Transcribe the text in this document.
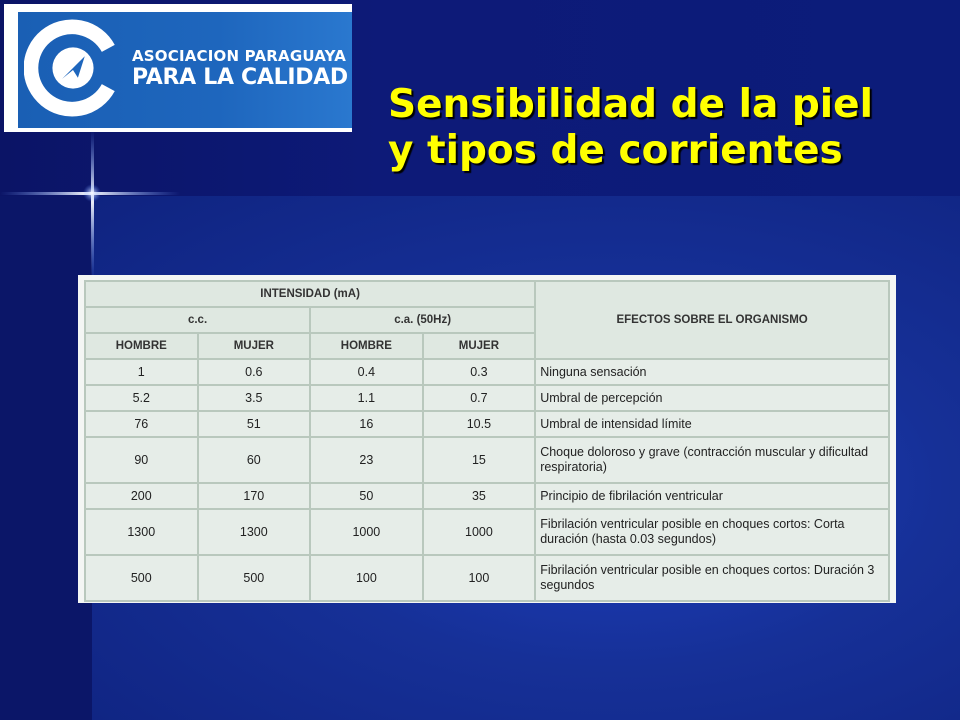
ASOCIACION PARAGUAYA
PARA LA CALIDAD
Sensibilidad de la piel
y tipos de corrientes
INTENSIDAD (mA)				EFECTOS SOBRE EL ORGANISMO
c.c.		c.a. (50Hz)		
HOMBRE	MUJER	HOMBRE	MUJER	
1	0.6	0.4	0.3	Ninguna sensación
5.2	3.5	1.1	0.7	Umbral de percepción
76	51	16	10.5	Umbral de intensidad límite
90	60	23	15	Choque doloroso y grave (contracción muscular y dificultad respiratoria)
200	170	50	35	Principio de fibrilación ventricular
1300	1300	1000	1000	Fibrilación ventricular posible en choques cortos: Corta duración (hasta 0.03 segundos)
500	500	100	100	Fibrilación ventricular posible en choques cortos: Duración 3 segundos
